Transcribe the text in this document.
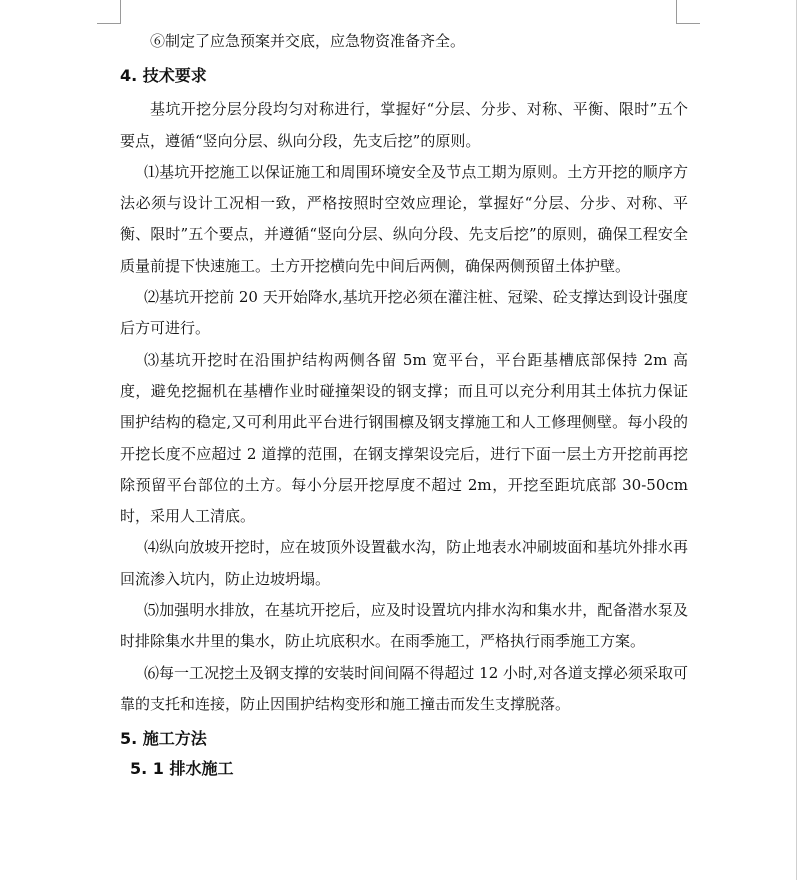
⑥制定了应急预案并交底，应急物资准备齐全。

4. 技术要求

基坑开挖分层分段均匀对称进行，掌握好“分层、分步、对称、平衡、限时”五个要点，遵循“竖向分层、纵向分段，先支后挖”的原则。

⑴基坑开挖施工以保证施工和周围环境安全及节点工期为原则。土方开挖的顺序方法必须与设计工况相一致，严格按照时空效应理论，掌握好“分层、分步、对称、平衡、限时”五个要点，并遵循“竖向分层、纵向分段、先支后挖”的原则，确保工程安全质量前提下快速施工。土方开挖横向先中间后两侧，确保两侧预留土体护壁。

⑵基坑开挖前 20 天开始降水,基坑开挖必须在灌注桩、冠梁、砼支撑达到设计强度后方可进行。

⑶基坑开挖时在沿围护结构两侧各留 5m 宽平台，平台距基槽底部保持 2m 高度，避免挖掘机在基槽作业时碰撞架设的钢支撑；而且可以充分利用其土体抗力保证围护结构的稳定,又可利用此平台进行钢围檩及钢支撑施工和人工修理侧壁。每小段的开挖长度不应超过 2 道撑的范围，在钢支撑架设完后，进行下面一层土方开挖前再挖除预留平台部位的土方。每小分层开挖厚度不超过 2m，开挖至距坑底部 30-50cm 时，采用人工清底。

⑷纵向放坡开挖时，应在坡顶外设置截水沟，防止地表水冲刷坡面和基坑外排水再回流渗入坑内，防止边坡坍塌。

⑸加强明水排放，在基坑开挖后，应及时设置坑内排水沟和集水井，配备潜水泵及时排除集水井里的集水，防止坑底积水。在雨季施工，严格执行雨季施工方案。

⑹每一工况挖土及钢支撑的安装时间间隔不得超过 12 小时,对各道支撑必须采取可靠的支托和连接，防止因围护结构变形和施工撞击而发生支撑脱落。

5. 施工方法
5. 1 排水施工
